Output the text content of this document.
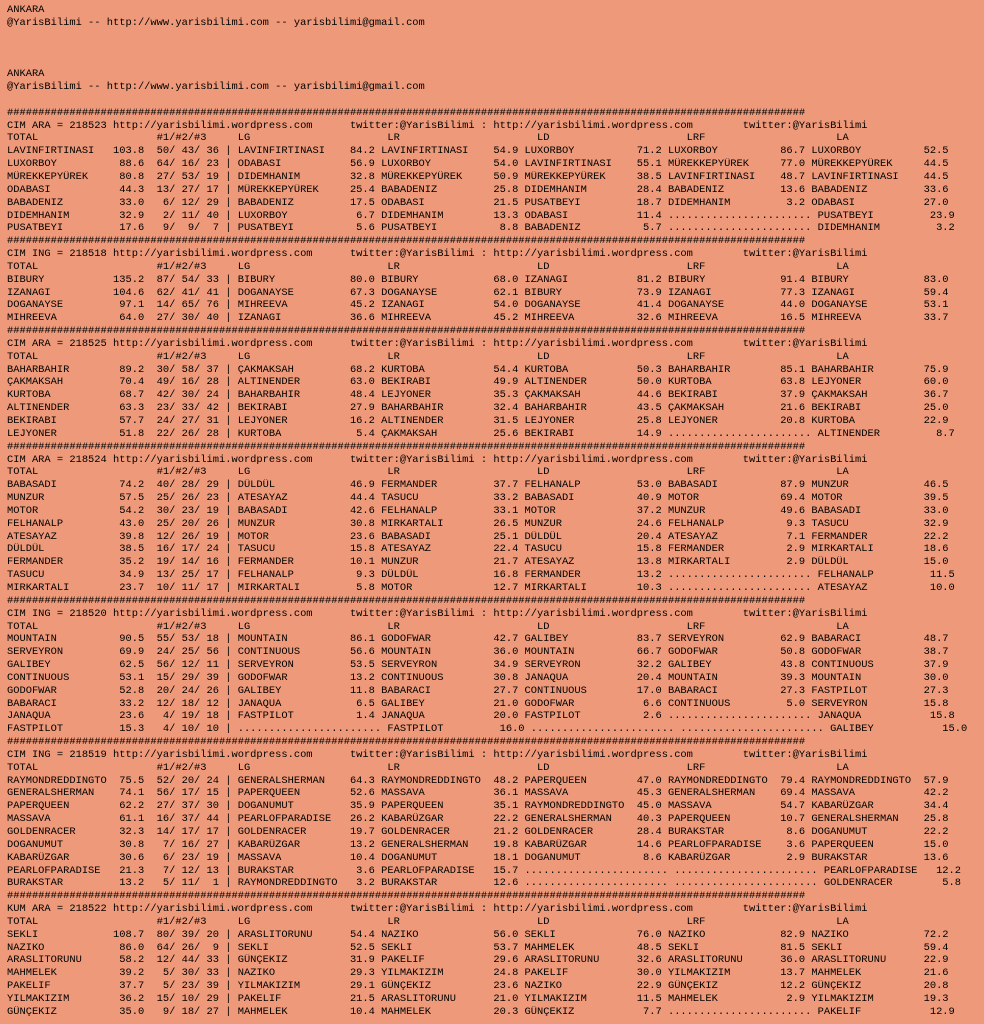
ANKARA
@YarisBilimi -- http://www.yarisbilimi.com -- yarisbilimi@gmail.com
ANKARA
@YarisBilimi -- http://www.yarisbilimi.com -- yarisbilimi@gmail.com
################################################################################################################################
CIM ARA = 218523 http://yarisbilimi.wordpress.com      twitter:@YarisBilimi : http://yarisbilimi.wordpress.com        twitter:@YarisBilimi
TOTAL                   #1/#2/#3     LG                      LR                      LD                      LRF                     LA
LAVINFIRTINASI   103.8  50/ 43/ 36 | LAVINFIRTINASI    84.2 LAVINFIRTINASI    54.9 LUXORBOY          71.2 LUXORBOY          86.7 LUXORBOY          52.5
LUXORBOY          88.6  64/ 16/ 23 | ODABASI           56.9 LUXORBOY          54.0 LAVINFIRTINASI    55.1 MÜREKKEPYÜREK     77.0 MÜREKKEPYÜREK     44.5
MÜREKKEPYÜREK     80.8  27/ 53/ 19 | DIDEMHANIM        32.8 MÜREKKEPYÜREK     50.9 MÜREKKEPYÜREK     38.5 LAVINFIRTINASI    48.7 LAVINFIRTINASI    44.5
ODABASI           44.3  13/ 27/ 17 | MÜREKKEPYÜREK     25.4 BABADENIZ         25.8 DIDEMHANIM        28.4 BABADENIZ         13.6 BABADENIZ         33.6
BABADENIZ         33.0   6/ 12/ 29 | BABADENIZ         17.5 ODABASI           21.5 PUSATBEYI         18.7 DIDEMHANIM         3.2 ODABASI           27.0
DIDEMHANIM        32.9   2/ 11/ 40 | LUXORBOY           6.7 DIDEMHANIM        13.3 ODABASI           11.4 ....................... PUSATBEYI         23.9
PUSATBEYI         17.6   9/  9/  7 | PUSATBEYI          5.6 PUSATBEYI          8.8 BABADENIZ          5.7 ....................... DIDEMHANIM         3.2
################################################################################################################################
CIM ING = 218518 http://yarisbilimi.wordpress.com      twitter:@YarisBilimi : http://yarisbilimi.wordpress.com        twitter:@YarisBilimi
TOTAL                   #1/#2/#3     LG                      LR                      LD                      LRF                     LA
BIBURY           135.2  87/ 54/ 33 | BIBURY            80.0 BIBURY            68.0 IZANAGI           81.2 BIBURY            91.4 BIBURY            83.0
IZANAGI          104.6  62/ 41/ 41 | DOGANAYSE         67.3 DOGANAYSE         62.1 BIBURY            73.9 IZANAGI           77.3 IZANAGI           59.4
DOGANAYSE         97.1  14/ 65/ 76 | MIHREEVA          45.2 IZANAGI           54.0 DOGANAYSE         41.4 DOGANAYSE         44.0 DOGANAYSE         53.1
MIHREEVA          64.0  27/ 30/ 40 | IZANAGI           36.6 MIHREEVA          45.2 MIHREEVA          32.6 MIHREEVA          16.5 MIHREEVA          33.7
################################################################################################################################
CIM ARA = 218525 http://yarisbilimi.wordpress.com      twitter:@YarisBilimi : http://yarisbilimi.wordpress.com        twitter:@YarisBilimi
TOTAL                   #1/#2/#3     LG                      LR                      LD                      LRF                     LA
BAHARBAHIR        89.2  30/ 58/ 37 | ÇAKMAKSAH         68.2 KURTOBA           54.4 KURTOBA           50.3 BAHARBAHIR        85.1 BAHARBAHIR        75.9
ÇAKMAKSAH         70.4  49/ 16/ 28 | ALTINENDER        63.0 BEKIRABI          49.9 ALTINENDER        50.0 KURTOBA           63.8 LEJYONER          60.0
KURTOBA           68.7  42/ 30/ 24 | BAHARBAHIR        48.4 LEJYONER          35.3 ÇAKMAKSAH         44.6 BEKIRABI          37.9 ÇAKMAKSAH         36.7
ALTINENDER        63.3  23/ 33/ 42 | BEKIRABI          27.9 BAHARBAHIR        32.4 BAHARBAHIR        43.5 ÇAKMAKSAH         21.6 BEKIRABI          25.0
BEKIRABI          57.7  24/ 27/ 31 | LEJYONER          16.2 ALTINENDER        31.5 LEJYONER          25.8 LEJYONER          20.8 KURTOBA           22.9
LEJYONER          51.8  22/ 26/ 28 | KURTOBA            5.4 ÇAKMAKSAH         25.6 BEKIRABI          14.9 ....................... ALTINENDER         8.7
################################################################################################################################
CIM ARA = 218524 http://yarisbilimi.wordpress.com      twitter:@YarisBilimi : http://yarisbilimi.wordpress.com        twitter:@YarisBilimi
TOTAL                   #1/#2/#3     LG                      LR                      LD                      LRF                     LA
BABASADI          74.2  40/ 28/ 29 | DÜLDÜL            46.9 FERMANDER         37.7 FELHANALP         53.0 BABASADI          87.9 MUNZUR            46.5
MUNZUR            57.5  25/ 26/ 23 | ATESAYAZ          44.4 TASUCU            33.2 BABASADI          40.9 MOTOR             69.4 MOTOR             39.5
MOTOR             54.2  30/ 23/ 19 | BABASADI          42.6 FELHANALP         33.1 MOTOR             37.2 MUNZUR            49.6 BABASADI          33.0
FELHANALP         43.0  25/ 20/ 26 | MUNZUR            30.8 MIRKARTALI        26.5 MUNZUR            24.6 FELHANALP          9.3 TASUCU            32.9
ATESAYAZ          39.8  12/ 26/ 19 | MOTOR             23.6 BABASADI          25.1 DÜLDÜL            20.4 ATESAYAZ           7.1 FERMANDER         22.2
DÜLDÜL            38.5  16/ 17/ 24 | TASUCU            15.8 ATESAYAZ          22.4 TASUCU            15.8 FERMANDER          2.9 MIRKARTALI        18.6
FERMANDER         35.2  19/ 14/ 16 | FERMANDER         10.1 MUNZUR            21.7 ATESAYAZ          13.8 MIRKARTALI         2.9 DÜLDÜL            15.0
TASUCU            34.9  13/ 25/ 17 | FELHANALP          9.3 DÜLDÜL            16.8 FERMANDER         13.2 ....................... FELHANALP         11.5
MIRKARTALI        23.7  10/ 11/ 17 | MIRKARTALI         5.8 MOTOR             12.7 MIRKARTALI        10.3 ....................... ATESAYAZ          10.0
################################################################################################################################
CIM ING = 218520 http://yarisbilimi.wordpress.com      twitter:@YarisBilimi : http://yarisbilimi.wordpress.com        twitter:@YarisBilimi
TOTAL                   #1/#2/#3     LG                      LR                      LD                      LRF                     LA
MOUNTAIN          90.5  55/ 53/ 18 | MOUNTAIN          86.1 GODOFWAR          42.7 GALIBEY           83.7 SERVEYRON         62.9 BABARACI          48.7
SERVEYRON         69.9  24/ 25/ 56 | CONTINUOUS        56.6 MOUNTAIN          36.0 MOUNTAIN          66.7 GODOFWAR          50.8 GODOFWAR          38.7
GALIBEY           62.5  56/ 12/ 11 | SERVEYRON         53.5 SERVEYRON         34.9 SERVEYRON         32.2 GALIBEY           43.8 CONTINUOUS        37.9
CONTINUOUS        53.1  15/ 29/ 39 | GODOFWAR          13.2 CONTINUOUS        30.8 JANAQUA           20.4 MOUNTAIN          39.3 MOUNTAIN          30.0
GODOFWAR          52.8  20/ 24/ 26 | GALIBEY           11.8 BABARACI          27.7 CONTINUOUS        17.0 BABARACI          27.3 FASTPILOT         27.3
BABARACI          33.2  12/ 18/ 12 | JANAQUA            6.5 GALIBEY           21.0 GODOFWAR           6.6 CONTINUOUS         5.0 SERVEYRON         15.8
JANAQUA           23.6   4/ 19/ 18 | FASTPILOT          1.4 JANAQUA           20.0 FASTPILOT          2.6 ....................... JANAQUA           15.8
FASTPILOT         15.3   4/ 10/ 10 | ....................... FASTPILOT         16.0 ....................... ....................... GALIBEY           15.0
################################################################################################################################
CIM ING = 218519 http://yarisbilimi.wordpress.com      twitter:@YarisBilimi : http://yarisbilimi.wordpress.com        twitter:@YarisBilimi
TOTAL                   #1/#2/#3     LG                      LR                      LD                      LRF                     LA
RAYMONDREDDINGTO  75.5  52/ 20/ 24 | GENERALSHERMAN    64.3 RAYMONDREDDINGTO  48.2 PAPERQUEEN        47.0 RAYMONDREDDINGTO  79.4 RAYMONDREDDINGTO  57.9
GENERALSHERMAN    74.1  56/ 17/ 15 | PAPERQUEEN        52.6 MASSAVA           36.1 MASSAVA           45.3 GENERALSHERMAN    69.4 MASSAVA           42.2
PAPERQUEEN        62.2  27/ 37/ 30 | DOGANUMUT         35.9 PAPERQUEEN        35.1 RAYMONDREDDINGTO  45.0 MASSAVA           54.7 KABARÜZGAR        34.4
MASSAVA           61.1  16/ 37/ 44 | PEARLOFPARADISE   26.2 KABARÜZGAR        22.2 GENERALSHERMAN    40.3 PAPERQUEEN        10.7 GENERALSHERMAN    25.8
GOLDENRACER       32.3  14/ 17/ 17 | GOLDENRACER       19.7 GOLDENRACER       21.2 GOLDENRACER       28.4 BURAKSTAR          8.6 DOGANUMUT         22.2
DOGANUMUT         30.8   7/ 16/ 27 | KABARÜZGAR        13.2 GENERALSHERMAN    19.8 KABARÜZGAR        14.6 PEARLOFPARADISE    3.6 PAPERQUEEN        15.0
KABARÜZGAR        30.6   6/ 23/ 19 | MASSAVA           10.4 DOGANUMUT         18.1 DOGANUMUT          8.6 KABARÜZGAR         2.9 BURAKSTAR         13.6
PEARLOFPARADISE   21.3   7/ 12/ 13 | BURAKSTAR          3.6 PEARLOFPARADISE   15.7 ....................... ....................... PEARLOFPARADISE   12.2
BURAKSTAR         13.2   5/ 11/  1 | RAYMONDREDDINGTO   3.2 BURAKSTAR         12.6 ....................... ....................... GOLDENRACER        5.8
################################################################################################################################
KUM ARA = 218522 http://yarisbilimi.wordpress.com      twitter:@YarisBilimi : http://yarisbilimi.wordpress.com        twitter:@YarisBilimi
TOTAL                   #1/#2/#3     LG                      LR                      LD                      LRF                     LA
SEKLI            108.7  80/ 39/ 20 | ARASLITORUNU      54.4 NAZIKO            56.0 SEKLI             76.0 NAZIKO            82.9 NAZIKO            72.2
NAZIKO            86.0  64/ 26/  9 | SEKLI             52.5 SEKLI             53.7 MAHMELEK          48.5 SEKLI             81.5 SEKLI             59.4
ARASLITORUNU      58.2  12/ 44/ 33 | GÜNÇEKIZ          31.9 PAKELIF           29.6 ARASLITORUNU      32.6 ARASLITORUNU      36.0 ARASLITORUNU      22.9
MAHMELEK          39.2   5/ 30/ 33 | NAZIKO            29.3 YILMAKIZIM        24.8 PAKELIF           30.0 YILMAKIZIM        13.7 MAHMELEK          21.6
PAKELIF           37.7   5/ 23/ 39 | YILMAKIZIM        29.1 GÜNÇEKIZ          23.6 NAZIKO            22.9 GÜNÇEKIZ          12.2 GÜNÇEKIZ          20.8
YILMAKIZIM        36.2  15/ 10/ 29 | PAKELIF           21.5 ARASLITORUNU      21.0 YILMAKIZIM        11.5 MAHMELEK           2.9 YILMAKIZIM        19.3
GÜNÇEKIZ          35.0   9/ 18/ 27 | MAHMELEK          10.4 MAHMELEK          20.3 GÜNÇEKIZ           7.7 ....................... PAKELIF           12.9
